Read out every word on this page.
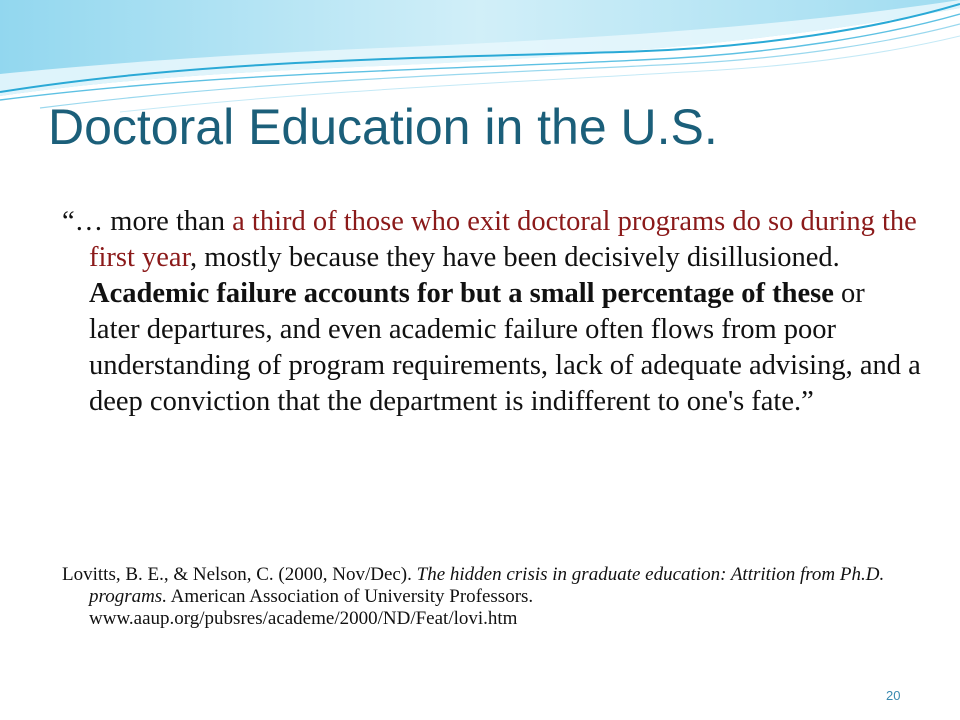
Doctoral Education in the U.S.

“… more than a third of those who exit doctoral programs do so during the first year, mostly because they have been decisively disillusioned. Academic failure accounts for but a small percentage of these or later departures, and even academic failure often flows from poor understanding of program requirements, lack of adequate advising, and a deep conviction that the department is indifferent to one's fate.”

Lovitts, B. E., & Nelson, C. (2000, Nov/Dec). The hidden crisis in graduate education: Attrition from Ph.D. programs. American Association of University Professors.
www.aaup.org/pubsres/academe/2000/ND/Feat/lovi.htm

20
